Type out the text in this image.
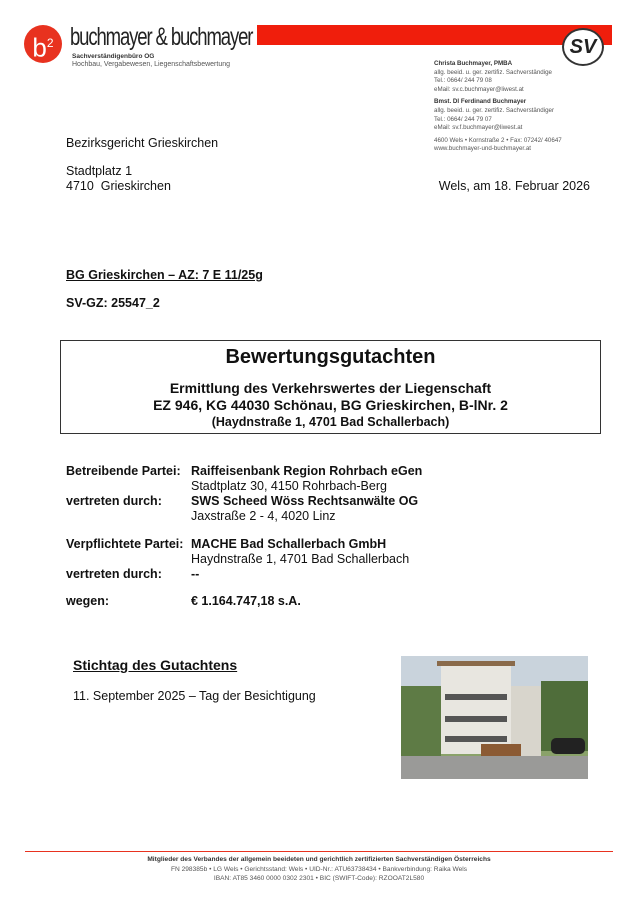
$b^2$ buchmayer & buchmayer
Sachverständigenbüro OG
Hochbau, Vergabewesen, Liegenschaftsbewertung
SV
Christa Buchmayer, PMBA
allg. beeid. u. ger. zertifiz. Sachverständige
Tel.: 0664/ 244 79 08
eMail: sv.c.buchmayer@liwest.at
Bmst. DI Ferdinand Buchmayer
allg. beeid. u. ger. zertifiz. Sachverständiger
Tel.: 0664/ 244 79 07
eMail: sv.f.buchmayer@liwest.at
4600 Wels • Kornstraße 2 • Fax: 07242/ 40647
www.buchmayer-und-buchmayer.at
Bezirksgericht Grieskirchen
Stadtplatz 1
4710  Grieskirchen	Wels, am 18. Februar 2026
BG Grieskirchen – AZ: 7 E 11/25g
SV-GZ: 25547_2
Bewertungsgutachten
Ermittlung des Verkehrswertes der Liegenschaft
EZ 946, KG 44030 Schönau, BG Grieskirchen, B-lNr. 2
(Haydnstraße 1, 4701 Bad Schallerbach)
Betreibende Partei: Raiffeisenbank Region Rohrbach eGen
Stadtplatz 30, 4150 Rohrbach-Berg
vertreten durch:	SWS Scheed Wöss Rechtsanwälte OG
Jaxstraße 2 - 4, 4020 Linz
Verpflichtete Partei: MACHE Bad Schallerbach GmbH
Haydnstraße 1, 4701 Bad Schallerbach
vertreten durch:	--
wegen:	€ 1.164.747,18 s.A.
Stichtag des Gutachtens
11. September 2025 – Tag der Besichtigung
Mitglieder des Verbandes der allgemein beeideten und gerichtlich zertifizierten Sachverständigen Österreichs
FN 298385b • LG Wels • Gerichtsstand: Wels • UID-Nr.: ATU63738434 • Bankverbindung: Raika Wels
IBAN: AT85 3460 0000 0302 2301 • BIC (SWIFT-Code): RZOOAT2L580
